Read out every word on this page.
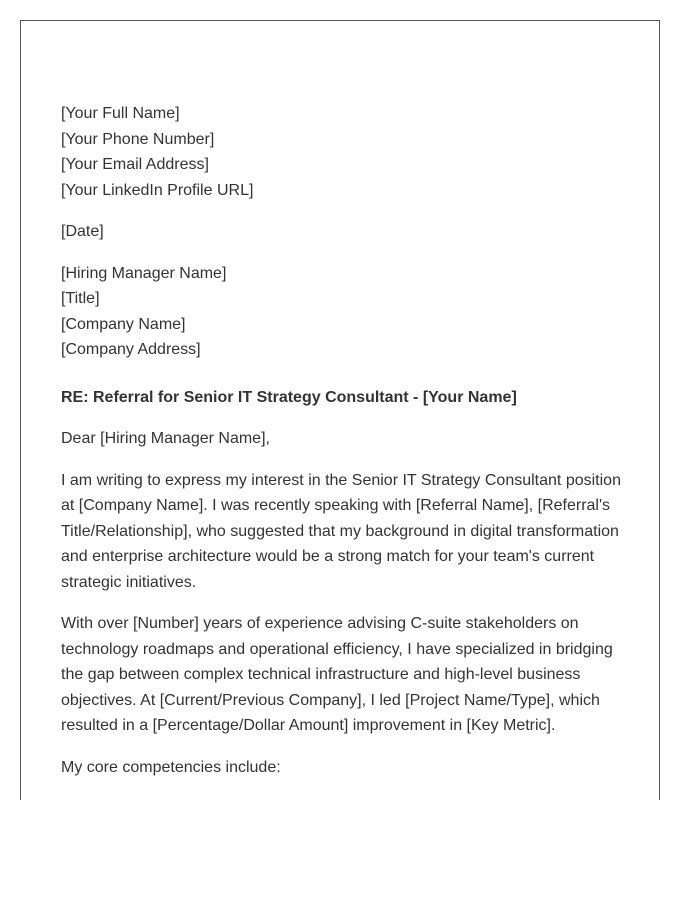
[Your Full Name]

[Your Phone Number]

[Your Email Address]

[Your LinkedIn Profile URL]

[Date]

[Hiring Manager Name]

[Title]

[Company Name]

[Company Address]

RE: Referral for Senior IT Strategy Consultant - [Your Name]

Dear [Hiring Manager Name],

I am writing to express my interest in the Senior IT Strategy Consultant position

at [Company Name]. I was recently speaking with [Referral Name], [Referral's

Title/Relationship], who suggested that my background in digital transformation

and enterprise architecture would be a strong match for your team's current

strategic initiatives.

With over [Number] years of experience advising C-suite stakeholders on

technology roadmaps and operational efficiency, I have specialized in bridging

the gap between complex technical infrastructure and high-level business

objectives. At [Current/Previous Company], I led [Project Name/Type], which

resulted in a [Percentage/Dollar Amount] improvement in [Key Metric].

My core competencies include:
